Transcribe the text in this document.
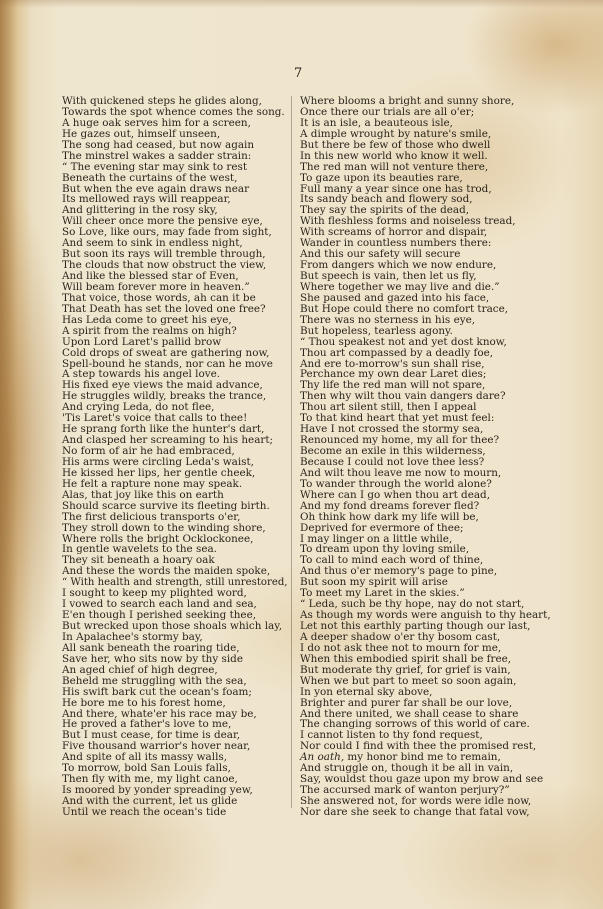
7
With quickened steps he glides along,
Towards the spot whence comes the song.
A huge oak serves him for a screen,
He gazes out, himself unseen,
The song had ceased, but now again
The minstrel wakes a sadder strain:
“ The evening star may sink to rest
Beneath the curtains of the west,
But when the eve again draws near
Its mellowed rays will reappear,
And glittering in the rosy sky,
Will cheer once more the pensive eye,
So Love, like ours, may fade from sight,
And seem to sink in endless night,
But soon its rays will tremble through,
The clouds that now obstruct the view,
And like the blessed star of Even,
Will beam forever more in heaven.”
That voice, those words, ah can it be
That Death has set the loved one free?
Has Leda come to greet his eye,
A spirit from the realms on high?
Upon Lord Laret's pallid brow
Cold drops of sweat are gathering now,
Spell-bound he stands, nor can he move
A step towards his angel love.
His fixed eye views the maid advance,
He struggles wildly, breaks the trance,
And crying Leda, do not flee,
'Tis Laret's voice that calls to thee!
He sprang forth like the hunter's dart,
And clasped her screaming to his heart;
No form of air he had embraced,
His arms were circling Leda's waist,
He kissed her lips, her gentle cheek,
He felt a rapture none may speak.
Alas, that joy like this on earth
Should scarce survive its fleeting birth.
The first delicious transports o'er,
They stroll down to the winding shore,
Where rolls the bright Ocklockonee,
In gentle wavelets to the sea.
They sit beneath a hoary oak
And these the words the maiden spoke,
“ With health and strength, still unrestored,
I sought to keep my plighted word,
I vowed to search each land and sea,
E'en though I perished seeking thee,
But wrecked upon those shoals which lay,
In Apalachee's stormy bay,
All sank beneath the roaring tide,
Save her, who sits now by thy side
An aged chief of high degree,
Beheld me struggling with the sea,
His swift bark cut the ocean's foam;
He bore me to his forest home,
And there, whate'er his race may be,
He proved a father's love to me,
But I must cease, for time is dear,
Five thousand warrior's hover near,
And spite of all its massy walls,
To morrow, bold San Louis falls,
Then fly with me, my light canoe,
Is moored by yonder spreading yew,
And with the current, let us glide
Until we reach the ocean's tide
Where blooms a bright and sunny shore,
Once there our trials are all o'er;
It is an isle, a beauteous isle,
A dimple wrought by nature's smile,
But there be few of those who dwell
In this new world who know it well.
The red man will not venture there,
To gaze upon its beauties rare,
Full many a year since one has trod,
Its sandy beach and flowery sod,
They say the spirits of the dead,
With fleshless forms and noiseless tread,
With screams of horror and dispair,
Wander in countless numbers there:
And this our safety will secure
From dangers which we now endure,
But speech is vain, then let us fly,
Where together we may live and die.”
She paused and gazed into his face,
But Hope could there no comfort trace,
There was no sterness in his eye,
But hopeless, tearless agony.
“ Thou speakest not and yet dost know,
Thou art compassed by a deadly foe,
And ere to-morrow's sun shall rise,
Perchance my own dear Laret dies;
Thy life the red man will not spare,
Then why wilt thou vain dangers dare?
Thou art silent still, then I appeal
To that kind heart that yet must feel:
Have I not crossed the stormy sea,
Renounced my home, my all for thee?
Become an exile in this wilderness,
Because I could not love thee less?
And wilt thou leave me now to mourn,
To wander through the world alone?
Where can I go when thou art dead,
And my fond dreams forever fled?
Oh think how dark my life will be,
Deprived for evermore of thee;
I may linger on a little while,
To dream upon thy loving smile,
To call to mind each word of thine,
And thus o'er memory's page to pine,
But soon my spirit will arise
To meet my Laret in the skies.”
“ Leda, such be thy hope, nay do not start,
As though my words were anguish to thy heart,
Let not this earthly parting though our last,
A deeper shadow o'er thy bosom cast,
I do not ask thee not to mourn for me,
When this embodied spirit shall be free,
But moderate thy grief, for grief is vain,
When we but part to meet so soon again,
In yon eternal sky above,
Brighter and purer far shall be our love,
And there united, we shall cease to share
The changing sorrows of this world of care.
I cannot listen to thy fond request,
Nor could I find with thee the promised rest,
An oath, my honor bind me to remain,
And struggle on, though it be all in vain,
Say, wouldst thou gaze upon my brow and see
The accursed mark of wanton perjury?”
She answered not, for words were idle now,
Nor dare she seek to change that fatal vow,
